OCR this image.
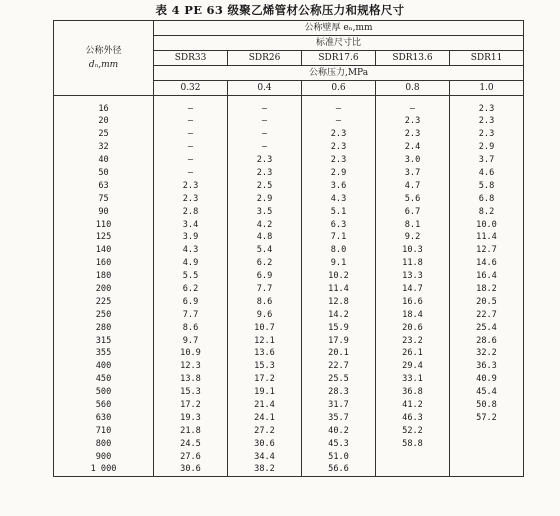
表 4 PE 63 级聚乙烯管材公称压力和规格尺寸
公称外径
dₙ,mm	公称壁厚 eₙ,mm				
	标准尺寸比				
	SDR33	SDR26	SDR17.6	SDR13.6	SDR11
	公称压力,MPa				
	0.32	0.4	0.6	0.8	1.0
16	—	—	—	—	2.3
20	—	—	—	2.3	2.3
25	—	—	2.3	2.3	2.3
32	—	—	2.3	2.4	2.9
40	—	2.3	2.3	3.0	3.7
50	—	2.3	2.9	3.7	4.6
63	2.3	2.5	3.6	4.7	5.8
75	2.3	2.9	4.3	5.6	6.8
90	2.8	3.5	5.1	6.7	8.2
110	3.4	4.2	6.3	8.1	10.0
125	3.9	4.8	7.1	9.2	11.4
140	4.3	5.4	8.0	10.3	12.7
160	4.9	6.2	9.1	11.8	14.6
180	5.5	6.9	10.2	13.3	16.4
200	6.2	7.7	11.4	14.7	18.2
225	6.9	8.6	12.8	16.6	20.5
250	7.7	9.6	14.2	18.4	22.7
280	8.6	10.7	15.9	20.6	25.4
315	9.7	12.1	17.9	23.2	28.6
355	10.9	13.6	20.1	26.1	32.2
400	12.3	15.3	22.7	29.4	36.3
450	13.8	17.2	25.5	33.1	40.9
500	15.3	19.1	28.3	36.8	45.4
560	17.2	21.4	31.7	41.2	50.8
630	19.3	24.1	35.7	46.3	57.2
710	21.8	27.2	40.2	52.2	
800	24.5	30.6	45.3	58.8	
900	27.6	34.4	51.0		
1 000	30.6	38.2	56.6		
